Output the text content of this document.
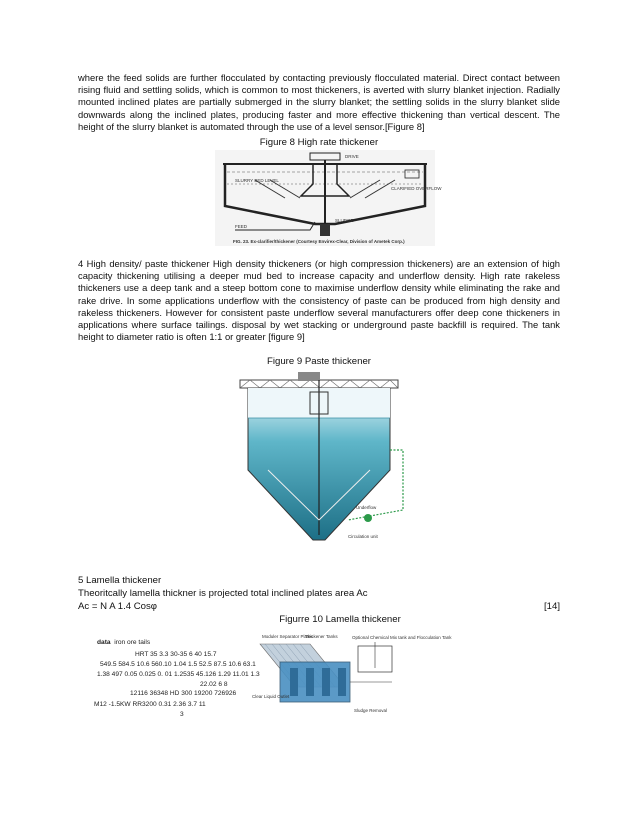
where the feed solids are further flocculated by contacting previously flocculated material. Direct contact between rising fluid and settling solids, which is common to most thickeners, is averted with slurry blanket injection. Radially mounted inclined plates are partially submerged in the slurry blanket; the settling solids in the slurry blanket slide downwards along the inclined plates, producing faster and more effective thickening than vertical descent. The height of the slurry blanket is automated through the use of a level sensor.[Figure 8]

Figure 8 High rate thickener
DRIVE
SLURRY BED LEVEL
CLARIFIED OVERFLOW
SLUDGE
FEED
FIG. 23. Ex-clarifier/thickener (Courtesy Envirex-Clear, Division of Ametek Corp.)

4 High density/ paste thickener High density thickeners (or high compression thickeners) are an extension of high capacity thickening utilising a deeper mud bed to increase capacity and underflow density. High rate rakeless thickeners use a deep tank and a steep bottom cone to maximise underflow density while eliminating the rake and rake drive. In some applications underflow with the consistency of paste can be produced from high density and rakeless thickeners. However for consistent paste underflow several manufacturers offer deep cone thickeners in applications where surface tailings. disposal by wet stacking or underground paste backfill is required. The tank height to diameter ratio is often 1:1 or greater [figure 9]

Figure 9 Paste thickener
Underflow
Circulation unit
5 Lamella thickener
Theoritcally lamella thickner is projected total inclined plates area Ac
Ac = N A 1.4 Cosφ	[14]
Figurre 10 Lamella thickener
data iron ore tails
HRT 35 3.3 30-35 6 40 15.7
549.5 584.5 10.6 560.10 1.04 1.5 52.5 87.5 10.6 63.1
1.38 497 0.05 0.025 0. 01 1.2535 45.126 1.29 11.01 1.3
22.02 6 8
12116 36348 HD 300 19200 726926
M12 -1.5KW RR3200 0.31 2.36 3.7 11
3
Moduler Separator Plates
Thickener Tanks	Optional Chemical Mix tank and Flocculation Tank
Clear Liquid Outlet
Sludge Removal
